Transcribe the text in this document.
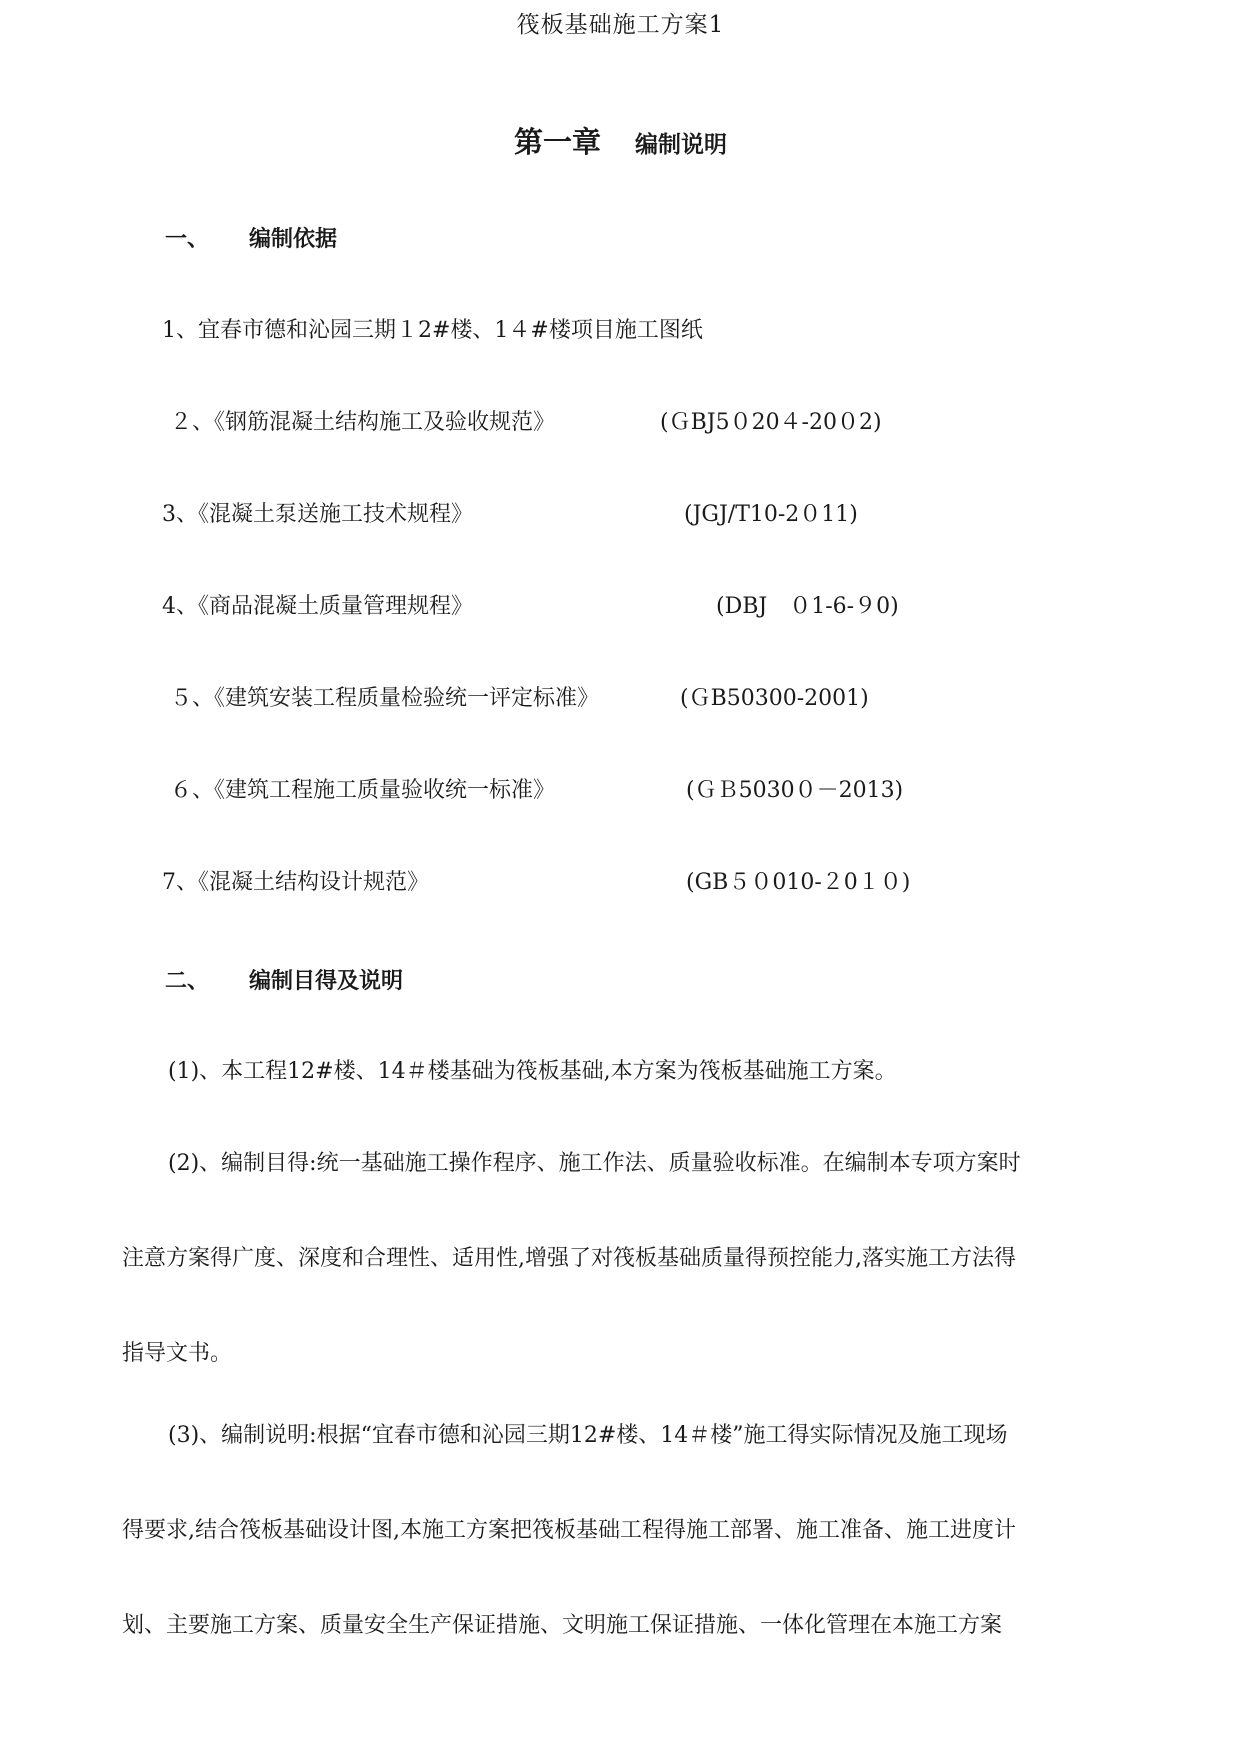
筏板基础施工方案1
第一章 编制说明
一、 编制依据
1、宜春市德和沁园三期１2#楼、1４#楼项目施工图纸
２、《钢筋混凝土结构施工及验收规范》	(ＧBJ5０20４-20０2)
3、《混凝土泵送施工技术规程》	(JGJ/T10-2０11)
4、《商品混凝土质量管理规程》	(DBJ　０1-6-９0)
５、《建筑安装工程质量检验统一评定标准》	(ＧB50300-2001)
６、《建筑工程施工质量验收统一标准》	(ＧＢ5030０－2013)
7、《混凝土结构设计规范》	(GB５０010-２0１０)
二、 编制目得及说明
(1)、本工程12#楼、14＃楼基础为筏板基础,本方案为筏板基础施工方案。
(2)、编制目得:统一基础施工操作程序、施工作法、质量验收标准。在编制本专项方案时
注意方案得广度、深度和合理性、适用性,增强了对筏板基础质量得预控能力,落实施工方法得
指导文书。
(3)、编制说明:根据“宜春市德和沁园三期12#楼、14＃楼”施工得实际情况及施工现场
得要求,结合筏板基础设计图,本施工方案把筏板基础工程得施工部署、施工准备、施工进度计
划、主要施工方案、质量安全生产保证措施、文明施工保证措施、一体化管理在本施工方案
